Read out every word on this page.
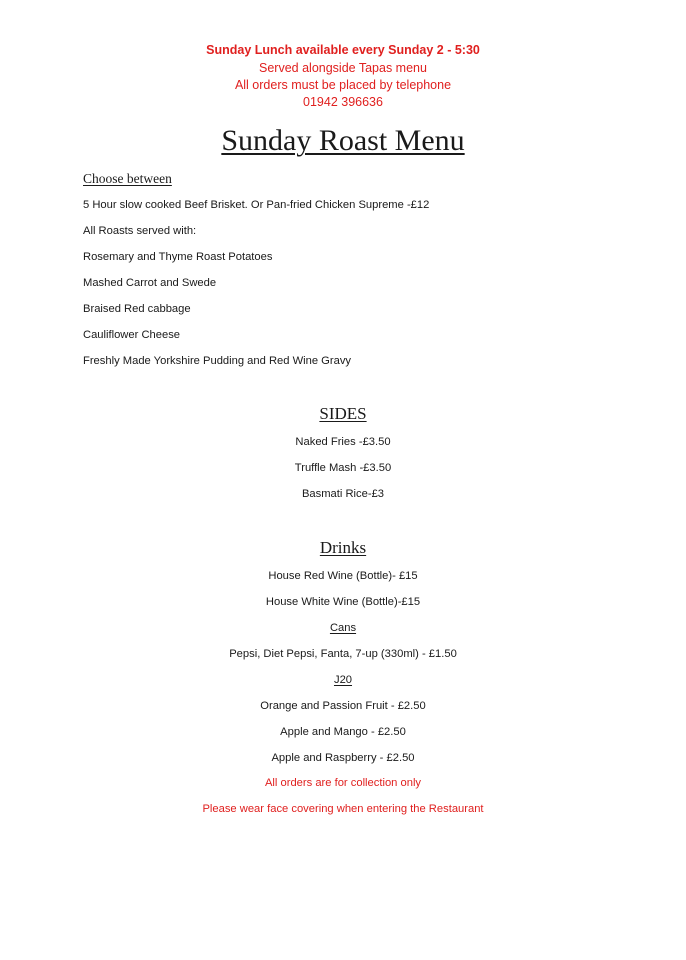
Sunday Lunch available every Sunday 2 - 5:30
Served alongside Tapas menu
All orders must be placed by telephone
01942 396636
Sunday Roast Menu
Choose between
5 Hour slow cooked Beef Brisket. Or Pan-fried Chicken Supreme -£12
All Roasts served with:
Rosemary and Thyme Roast Potatoes
Mashed Carrot and Swede
Braised Red cabbage
Cauliflower Cheese
Freshly Made Yorkshire Pudding and Red Wine Gravy
SIDES
Naked Fries -£3.50
Truffle Mash -£3.50
Basmati Rice-£3
Drinks
House Red Wine (Bottle)- £15
House White Wine (Bottle)-£15
Cans
Pepsi, Diet Pepsi, Fanta, 7-up (330ml) - £1.50
J20
Orange and Passion Fruit - £2.50
Apple and Mango - £2.50
Apple and Raspberry - £2.50
All orders are for collection only
Please wear face covering when entering the Restaurant
